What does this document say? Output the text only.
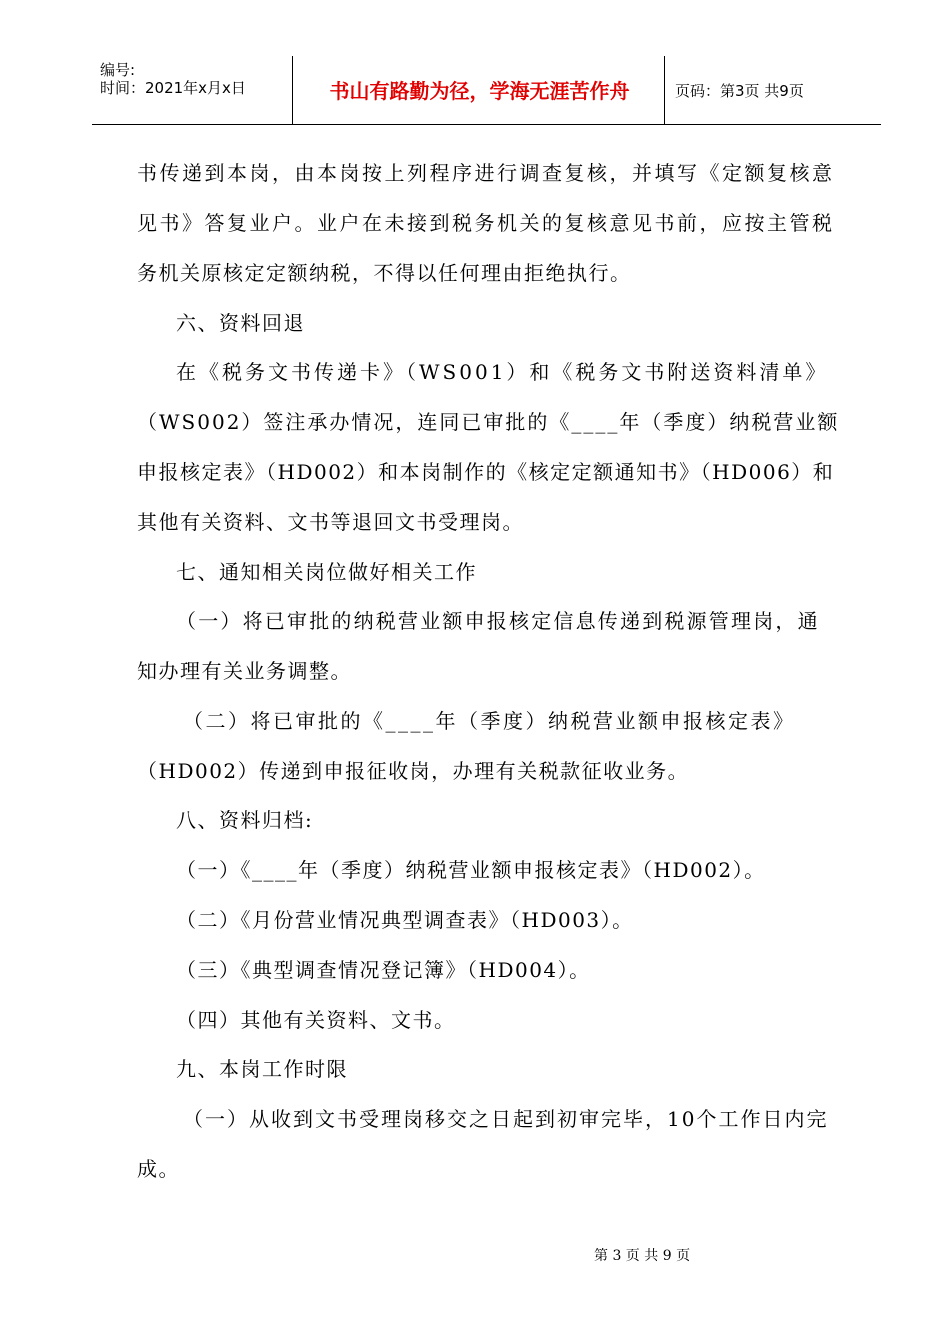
编号:
时间：2021年x月x日	书山有路勤为径，学海无涯苦作舟	页码：第3页 共9页
书传递到本岗，由本岗按上列程序进行调查复核，并填写《定额复核意
见书》答复业户。业户在未接到税务机关的复核意见书前，应按主管税
务机关原核定定额纳税，不得以任何理由拒绝执行。
六、资料回退
在《税务文书传递卡》（WS001）和《税务文书附送资料清单》
（WS002）签注承办情况，连同已审批的《____年（季度）纳税营业额
申报核定表》（HD002）和本岗制作的《核定定额通知书》（HD006）和
其他有关资料、文书等退回文书受理岗。
七、通知相关岗位做好相关工作
（一）将已审批的纳税营业额申报核定信息传递到税源管理岗，通
知办理有关业务调整。
（二）将已审批的《____年（季度）纳税营业额申报核定表》
（HD002）传递到申报征收岗，办理有关税款征收业务。
八、资料归档:
（一）《____年（季度）纳税营业额申报核定表》（HD002）。
（二）《月份营业情况典型调查表》（HD003）。
（三）《典型调查情况登记簿》（HD004）。
（四）其他有关资料、文书。
九、本岗工作时限
（一）从收到文书受理岗移交之日起到初审完毕，10个工作日内完
成。
第 3 页 共 9 页
